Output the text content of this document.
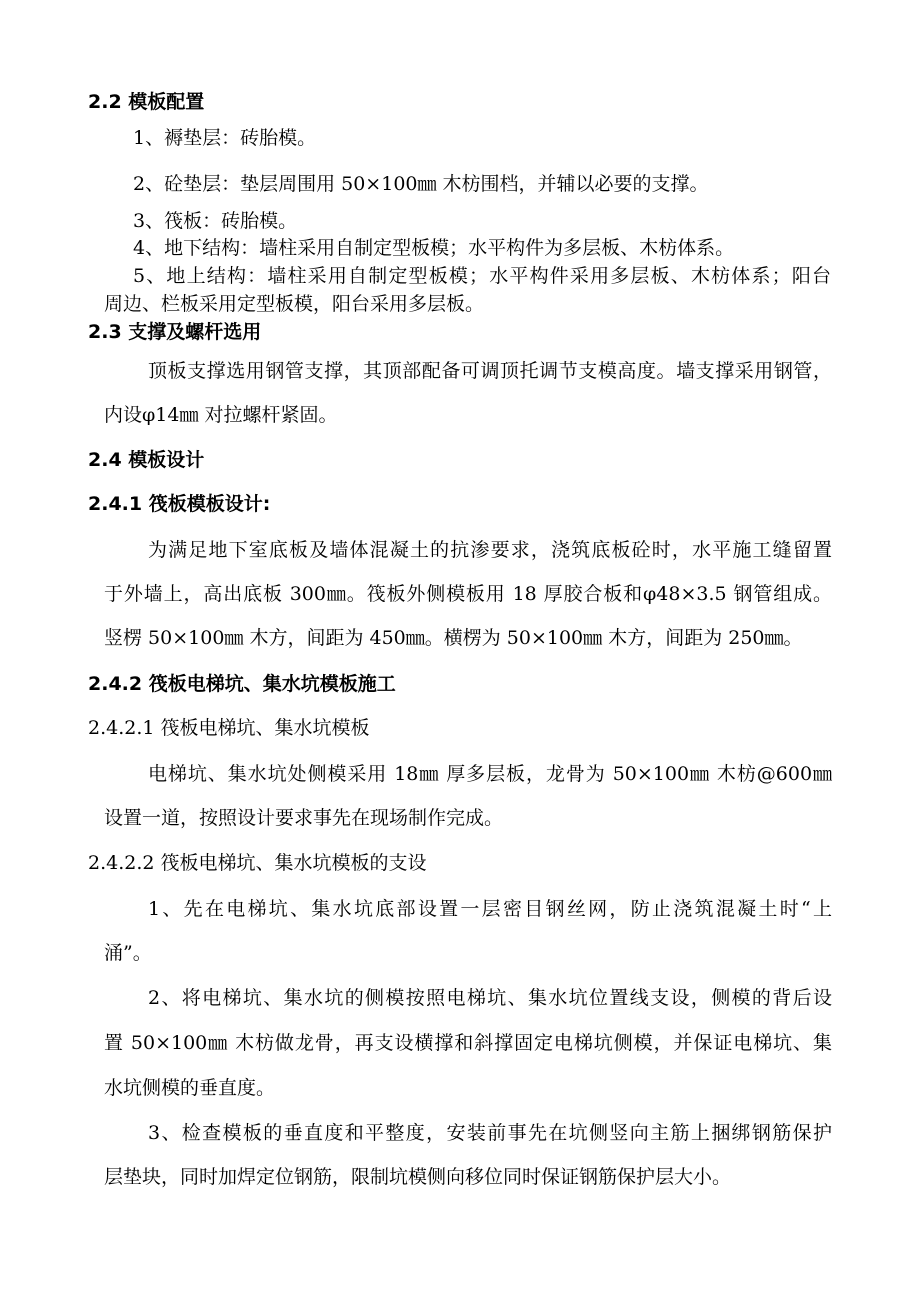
2.2 模板配置
1、褥垫层：砖胎模。
2、砼垫层：垫层周围用 50×100㎜ 木枋围档，并辅以必要的支撑。
3、筏板：砖胎模。
4、地下结构：墙柱采用自制定型板模；水平构件为多层板、木枋体系。
5、地上结构：墙柱采用自制定型板模；水平构件采用多层板、木枋体系；阳台
周边、栏板采用定型板模，阳台采用多层板。
2.3 支撑及螺杆选用
顶板支撑选用钢管支撑，其顶部配备可调顶托调节支模高度。墙支撑采用钢管，
内设φ14㎜ 对拉螺杆紧固。
2.4 模板设计
2.4.1 筏板模板设计:
为满足地下室底板及墙体混凝土的抗渗要求，浇筑底板砼时，水平施工缝留置
于外墙上，高出底板 300㎜。筏板外侧模板用 18 厚胶合板和φ48×3.5 钢管组成。
竖楞 50×100㎜ 木方，间距为 450㎜。横楞为 50×100㎜ 木方，间距为 250㎜。
2.4.2 筏板电梯坑、集水坑模板施工
2.4.2.1 筏板电梯坑、集水坑模板
电梯坑、集水坑处侧模采用 18㎜ 厚多层板，龙骨为 50×100㎜ 木枋@600㎜
设置一道，按照设计要求事先在现场制作完成。
2.4.2.2 筏板电梯坑、集水坑模板的支设
1、先在电梯坑、集水坑底部设置一层密目钢丝网，防止浇筑混凝土时“上
涌”。
2、将电梯坑、集水坑的侧模按照电梯坑、集水坑位置线支设，侧模的背后设
置 50×100㎜ 木枋做龙骨，再支设横撑和斜撑固定电梯坑侧模，并保证电梯坑、集
水坑侧模的垂直度。
3、检查模板的垂直度和平整度，安装前事先在坑侧竖向主筋上捆绑钢筋保护
层垫块，同时加焊定位钢筋，限制坑模侧向移位同时保证钢筋保护层大小。
